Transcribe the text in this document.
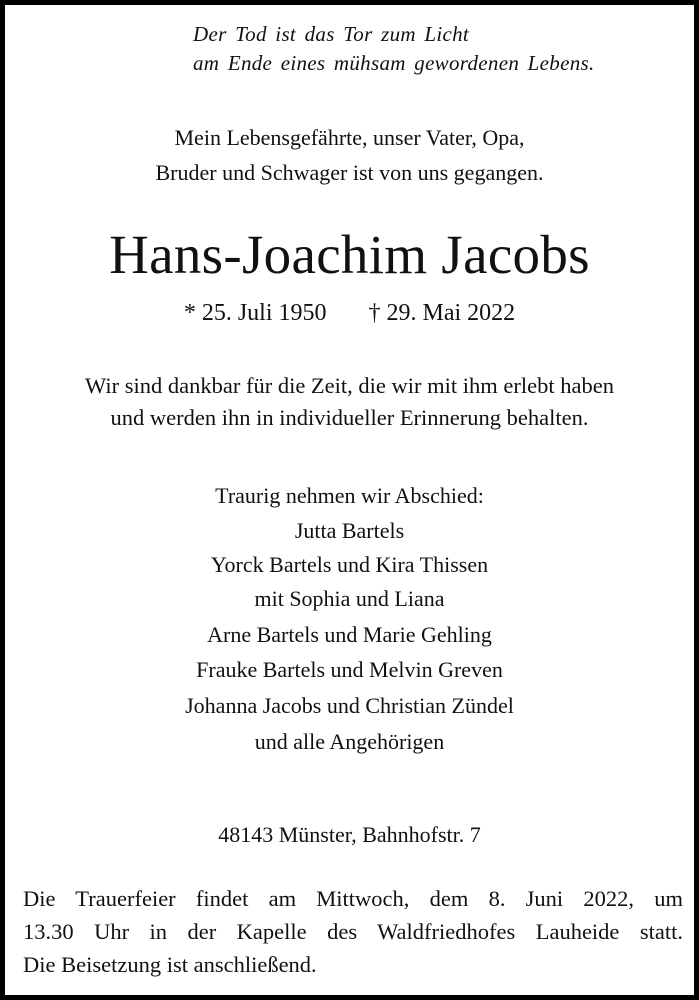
Der Tod ist das Tor zum Licht
am Ende eines mühsam gewordenen Lebens.
Mein Lebensgefährte, unser Vater, Opa,
Bruder und Schwager ist von uns gegangen.
Hans-Joachim Jacobs
* 25. Juli 1950 † 29. Mai 2022
Wir sind dankbar für die Zeit, die wir mit ihm erlebt haben
und werden ihn in individueller Erinnerung behalten.
Traurig nehmen wir Abschied:
Jutta Bartels
Yorck Bartels und Kira Thissen
mit Sophia und Liana
Arne Bartels und Marie Gehling
Frauke Bartels und Melvin Greven
Johanna Jacobs und Christian Zündel
und alle Angehörigen
48143 Münster, Bahnhofstr. 7
Die Trauerfeier findet am Mittwoch, dem 8. Juni 2022, um
13.30 Uhr in der Kapelle des Waldfriedhofes Lauheide statt.
Die Beisetzung ist anschließend.
